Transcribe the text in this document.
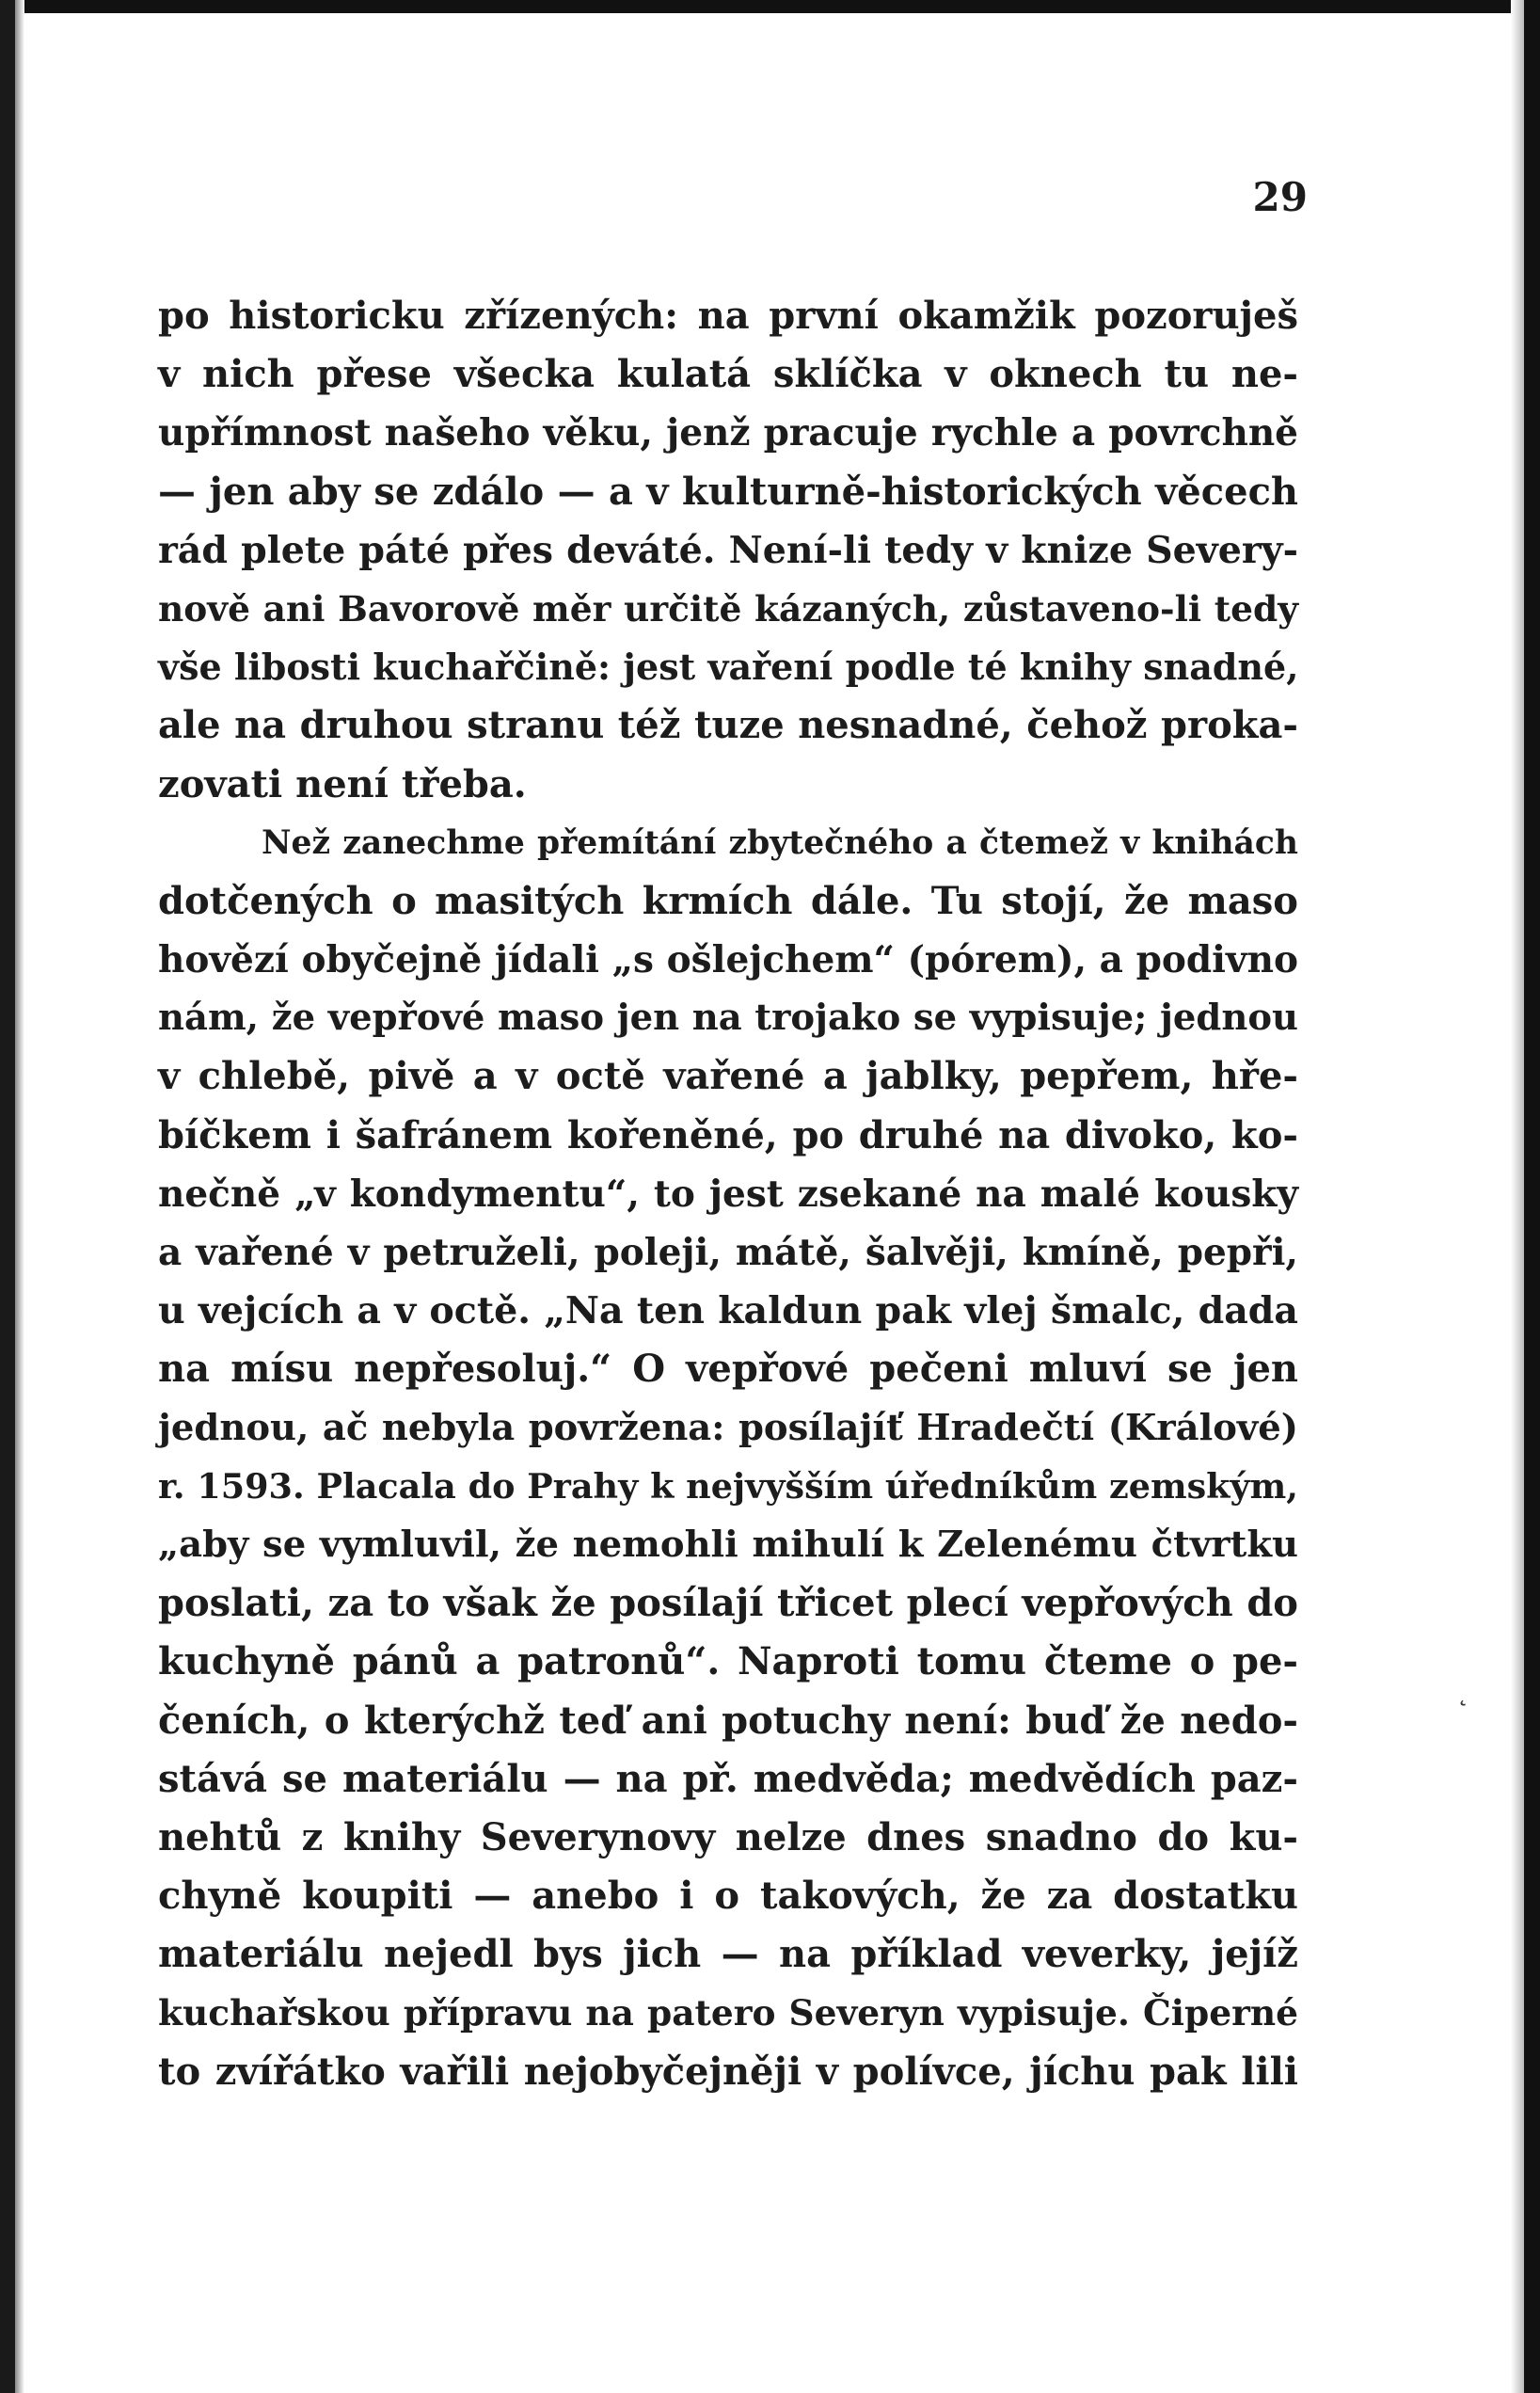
29
po historicku zřízených: na první okamžik pozoruješ
v nich přese všecka kulatá sklíčka v oknech tu ne-
upřímnost našeho věku, jenž pracuje rychle a povrchně
— jen aby se zdálo — a v kulturně-historických věcech
rád plete páté přes deváté. Není-li tedy v knize Severy-
nově ani Bavorově měr určitě kázaných, zůstaveno-li tedy
vše libosti kuchařčině: jest vaření podle té knihy snadné,
ale na druhou stranu též tuze nesnadné, čehož proka-
zovati není třeba.
Než zanechme přemítání zbytečného a čtemež v knihách
dotčených o masitých krmích dále. Tu stojí, že maso
hovězí obyčejně jídali „s ošlejchem“ (pórem), a podivno
nám, že vepřové maso jen na trojako se vypisuje; jednou
v chlebě, pivě a v octě vařené a jablky, pepřem, hře-
bíčkem i šafránem kořeněné, po druhé na divoko, ko-
nečně „v kondymentu“, to jest zsekané na malé kousky
a vařené v petruželi, poleji, mátě, šalvěji, kmíně, pepři,
u vejcích a v octě. „Na ten kaldun pak vlej šmalc, dada
na mísu nepřesoluj.“ O vepřové pečeni mluví se jen
jednou, ač nebyla povržena: posílajíť Hradečtí (Králové)
r. 1593. Placala do Prahy k nejvyšším úředníkům zemským,
„aby se vymluvil, že nemohli mihulí k Zelenému čtvrtku
poslati, za to však že posílají třicet plecí vepřových do
kuchyně pánů a patronů“. Naproti tomu čteme o pe-
čeních, o kterýchž teď ani potuchy není: buď že nedo-
stává se materiálu — na př. medvěda; medvědích paz-
nehtů z knihy Severynovy nelze dnes snadno do ku-
chyně koupiti — anebo i o takových, že za dostatku
materiálu nejedl bys jich — na příklad veverky, jejíž
kuchařskou přípravu na patero Severyn vypisuje. Čiperné
to zvířátko vařili nejobyčejněji v polívce, jíchu pak lili
˛
